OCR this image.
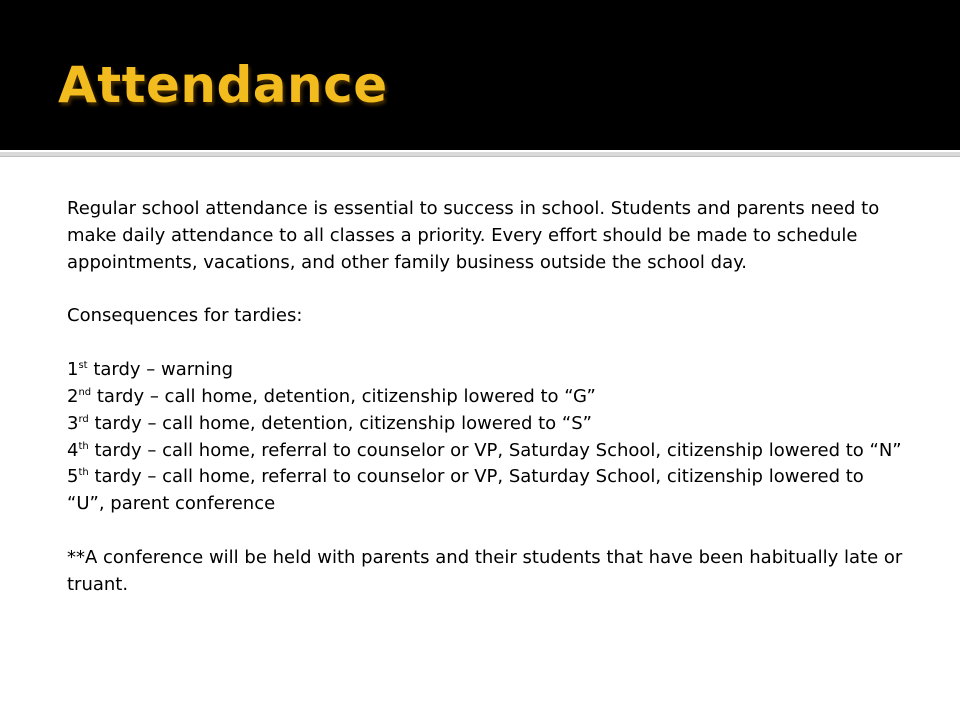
Attendance

Regular school attendance is essential to success in school. Students and parents need to make daily attendance to all classes a priority. Every effort should be made to schedule appointments, vacations, and other family business outside the school day.

Consequences for tardies:

1st tardy – warning

2nd tardy – call home, detention, citizenship lowered to “G”

3rd tardy – call home, detention, citizenship lowered to “S”

4th tardy – call home, referral to counselor or VP, Saturday School, citizenship lowered to “N”

5th tardy – call home, referral to counselor or VP, Saturday School, citizenship lowered to “U”, parent conference

**A conference will be held with parents and their students that have been habitually late or truant.
